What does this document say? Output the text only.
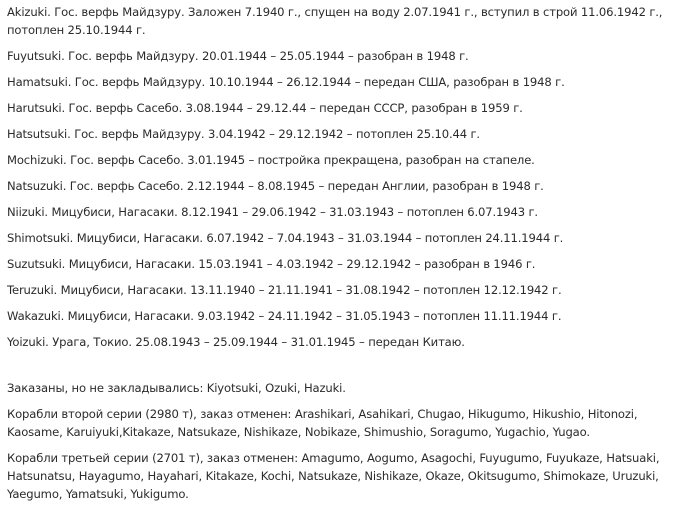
Akizuki. Гос. верфь Майдзуру. Заложен 7.1940 г., спущен на воду 2.07.1941 г., вступил в строй 11.06.1942 г., потоплен 25.10.1944 г.

Fuyutsuki. Гос. верфь Майдзуру. 20.01.1944 – 25.05.1944 – разобран в 1948 г.

Hamatsuki. Гос. верфь Майдзуру. 10.10.1944 – 26.12.1944 – передан США, разобран в 1948 г.

Harutsuki. Гос. верфь Сасебо. 3.08.1944 – 29.12.44 – передан СССР, разобран в 1959 г.

Hatsutsuki. Гос. верфь Майдзуру. 3.04.1942 – 29.12.1942 – потоплен 25.10.44 г.

Mochizuki. Гос. верфь Сасебо. 3.01.1945 – постройка прекращена, разобран на стапеле.

Natsuzuki. Гос. верфь Сасебо. 2.12.1944 – 8.08.1945 – передан Англии, разобран в 1948 г.

Niizuki. Мицубиси, Нагасаки. 8.12.1941 – 29.06.1942 – 31.03.1943 – потоплен 6.07.1943 г.

Shimotsuki. Мицубиси, Нагасаки. 6.07.1942 – 7.04.1943 – 31.03.1944 – потоплен 24.11.1944 г.

Suzutsuki. Мицубиси, Нагасаки. 15.03.1941 – 4.03.1942 – 29.12.1942 – разобран в 1946 г.

Teruzuki. Мицубиси, Нагасаки. 13.11.1940 – 21.11.1941 – 31.08.1942 – потоплен 12.12.1942 г.

Wakazuki. Мицубиси, Нагасаки. 9.03.1942 – 24.11.1942 – 31.05.1943 – потоплен 11.11.1944 г.

Yoizuki. Урага, Токио. 25.08.1943 – 25.09.1944 – 31.01.1945 – передан Китаю.

Заказаны, но не закладывались: Kiyotsuki, Ozuki, Hazuki.

Корабли второй серии (2980 т), заказ отменен: Arashikari, Asahikari, Chugao, Hikugumo, Hikushio, Hitonozi, Kaosame, Karuiyuki,Kitakaze, Natsukaze, Nishikaze, Nobikaze, Shimushio, Soragumo, Yugachio, Yugao.

Корабли третьей серии (2701 т), заказ отменен: Amagumo, Aogumo, Asagochi, Fuyugumo, Fuyukaze, Hatsuaki, Hatsunatsu, Hayagumo, Hayahari, Kitakaze, Kochi, Natsukaze, Nishikaze, Okaze, Okitsugumo, Shimokaze, Uruzuki, Yaegumo, Yamatsuki, Yukigumo.
